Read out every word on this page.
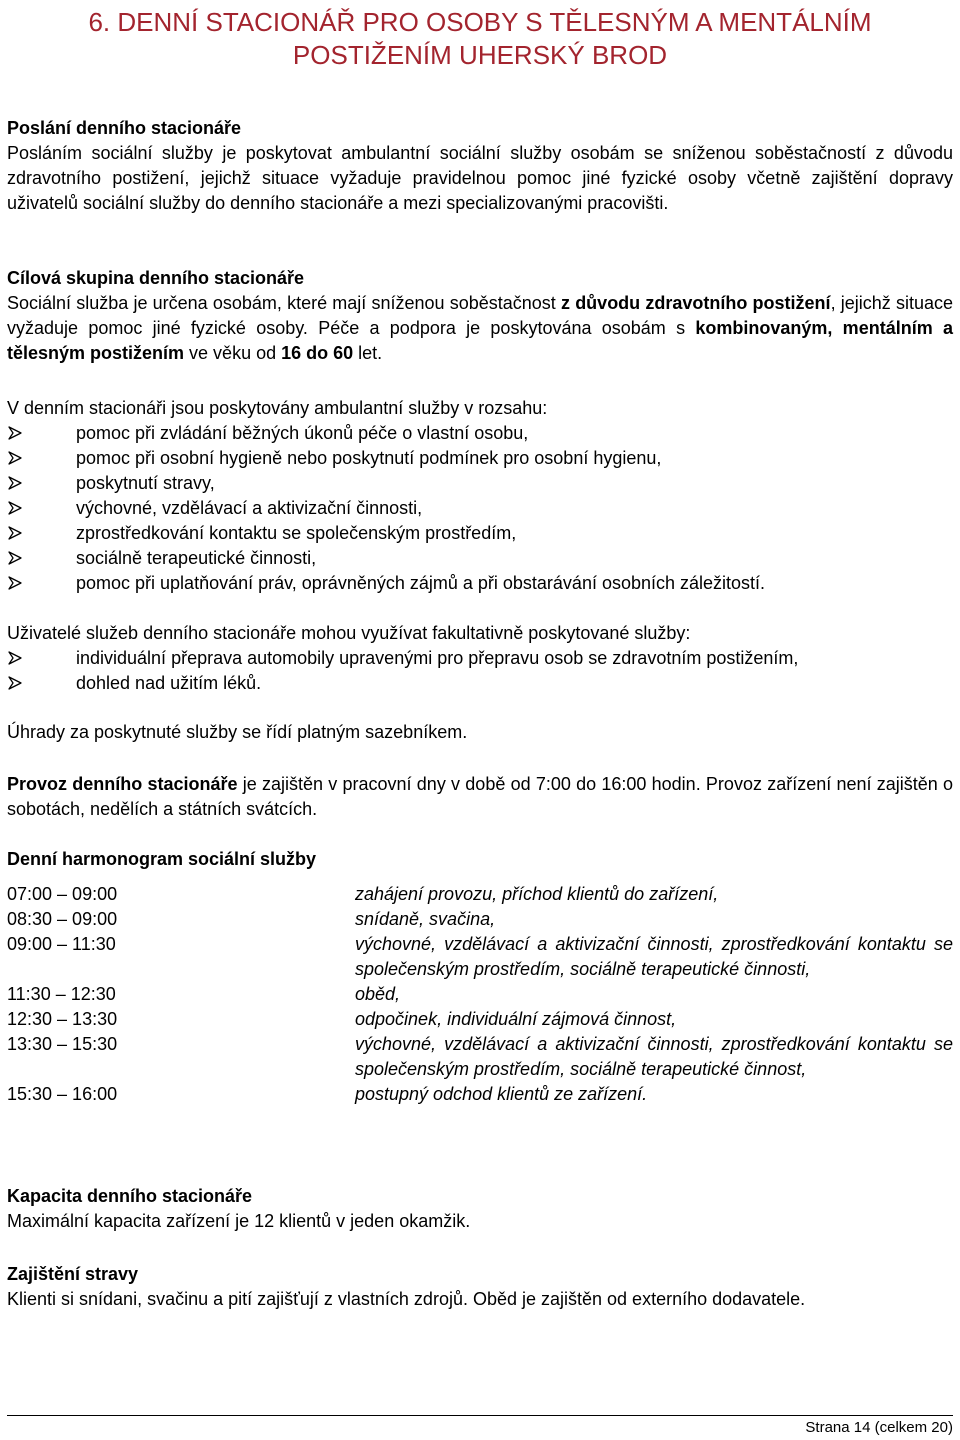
6. DENNÍ STACIONÁŘ PRO OSOBY S TĚLESNÝM A MENTÁLNÍM
POSTIŽENÍM UHERSKÝ BROD
Poslání denního stacionáře
Posláním sociální služby je poskytovat ambulantní sociální služby osobám se sníženou soběstačností z důvodu zdravotního postižení, jejichž situace vyžaduje pravidelnou pomoc jiné fyzické osoby včetně zajištění dopravy uživatelů sociální služby do denního stacionáře a mezi specializovanými pracovišti.
Cílová skupina denního stacionáře
Sociální služba je určena osobám, které mají sníženou soběstačnost z důvodu zdravotního postižení, jejichž situace vyžaduje pomoc jiné fyzické osoby. Péče a podpora je poskytována osobám s kombinovaným, mentálním a tělesným postižením ve věku od 16 do 60 let.
V denním stacionáři jsou poskytovány ambulantní služby v rozsahu:
pomoc při zvládání běžných úkonů péče o vlastní osobu,
pomoc při osobní hygieně nebo poskytnutí podmínek pro osobní hygienu,
poskytnutí stravy,
výchovné, vzdělávací a aktivizační činnosti,
zprostředkování kontaktu se společenským prostředím,
sociálně terapeutické činnosti,
pomoc při uplatňování práv, oprávněných zájmů a při obstarávání osobních záležitostí.
Uživatelé služeb denního stacionáře mohou využívat fakultativně poskytované služby:
individuální přeprava automobily upravenými pro přepravu osob se zdravotním postižením,
dohled nad užitím léků.
Úhrady za poskytnuté služby se řídí platným sazebníkem.
Provoz denního stacionáře je zajištěn v pracovní dny v době od 7:00 do 16:00 hodin. Provoz zařízení není zajištěn o sobotách, nedělích a státních svátcích.
Denní harmonogram sociální služby
07:00 – 09:00	zahájení provozu, příchod klientů do zařízení,
08:30 – 09:00	snídaně, svačina,
09:00 – 11:30	výchovné, vzdělávací a aktivizační činnosti, zprostředkování kontaktu se společenským prostředím, sociálně terapeutické činnosti,
11:30 – 12:30	oběd,
12:30 – 13:30	odpočinek, individuální zájmová činnost,
13:30 – 15:30	výchovné, vzdělávací a aktivizační činnosti, zprostředkování kontaktu se společenským prostředím, sociálně terapeutické činnost,
15:30 – 16:00	postupný odchod klientů ze zařízení.
Kapacita denního stacionáře
Maximální kapacita zařízení je 12 klientů v jeden okamžik.
Zajištění stravy
Klienti si snídani, svačinu a pití zajišťují z vlastních zdrojů. Oběd je zajištěn od externího dodavatele.
Strana 14 (celkem 20)
